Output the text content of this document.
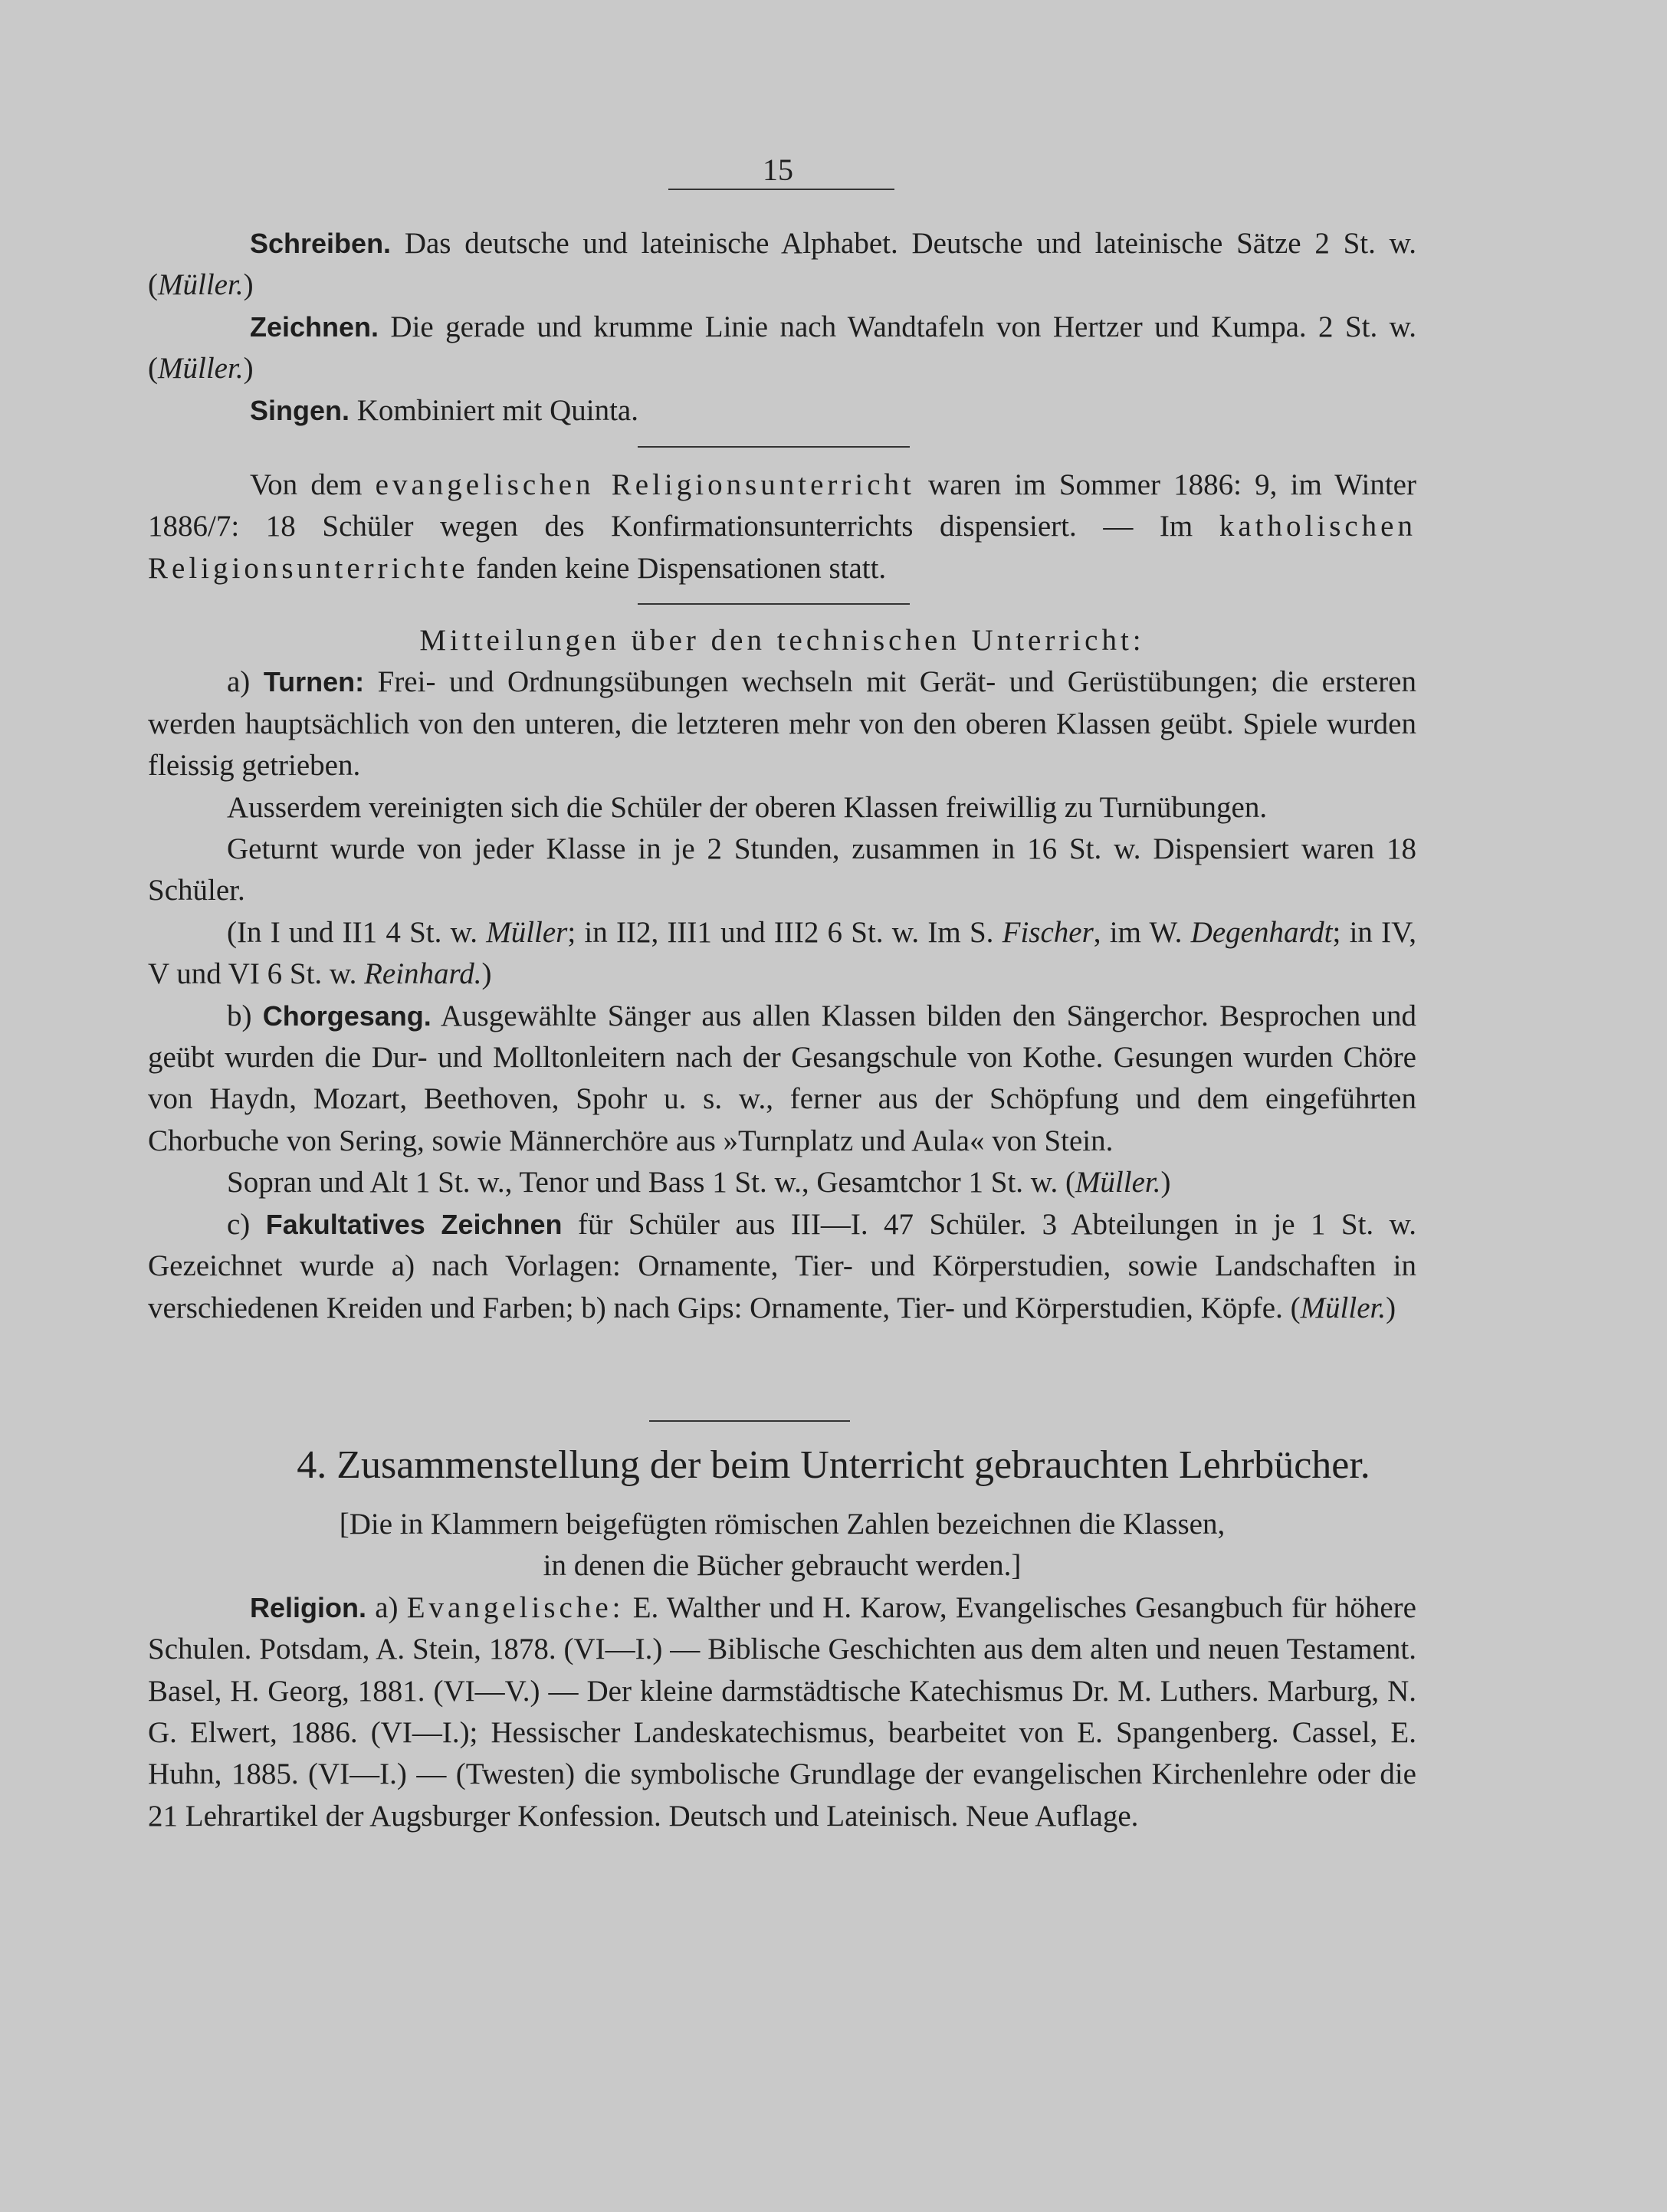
15

Schreiben. Das deutsche und lateinische Alphabet. Deutsche und lateinische Sätze 2 St. w. (Müller.)

Zeichnen. Die gerade und krumme Linie nach Wandtafeln von Hertzer und Kumpa. 2 St. w. (Müller.)

Singen. Kombiniert mit Quinta.

Von dem evangelischen Religionsunterricht waren im Sommer 1886: 9, im Winter 1886/7: 18 Schüler wegen des Konfirmationsunterrichts dispensiert. — Im katholischen Religionsunterrichte fanden keine Dispensationen statt.

Mitteilungen über den technischen Unterricht:

a) Turnen: Frei- und Ordnungsübungen wechseln mit Gerät- und Gerüstübungen; die ersteren werden hauptsächlich von den unteren, die letzteren mehr von den oberen Klassen geübt. Spiele wurden fleissig getrieben.

Ausserdem vereinigten sich die Schüler der oberen Klassen freiwillig zu Turnübungen.

Geturnt wurde von jeder Klasse in je 2 Stunden, zusammen in 16 St. w. Dispensiert waren 18 Schüler.

(In I und II1 4 St. w. Müller; in II2, III1 und III2 6 St. w. Im S. Fischer, im W. Degenhardt; in IV, V und VI 6 St. w. Reinhard.)

b) Chorgesang. Ausgewählte Sänger aus allen Klassen bilden den Sängerchor. Besprochen und geübt wurden die Dur- und Molltonleitern nach der Gesangschule von Kothe. Gesungen wurden Chöre von Haydn, Mozart, Beethoven, Spohr u. s. w., ferner aus der Schöpfung und dem eingeführten Chorbuche von Sering, sowie Männerchöre aus »Turnplatz und Aula« von Stein.

Sopran und Alt 1 St. w., Tenor und Bass 1 St. w., Gesamtchor 1 St. w. (Müller.)

c) Fakultatives Zeichnen für Schüler aus III—I. 47 Schüler. 3 Abteilungen in je 1 St. w. Gezeichnet wurde a) nach Vorlagen: Ornamente, Tier- und Körperstudien, sowie Landschaften in verschiedenen Kreiden und Farben; b) nach Gips: Ornamente, Tier- und Körperstudien, Köpfe. (Müller.)

4. Zusammenstellung der beim Unterricht gebrauchten Lehrbücher.

[Die in Klammern beigefügten römischen Zahlen bezeichnen die Klassen,

in denen die Bücher gebraucht werden.]

Religion. a) Evangelische: E. Walther und H. Karow, Evangelisches Gesangbuch für höhere Schulen. Potsdam, A. Stein, 1878. (VI—I.) — Biblische Geschichten aus dem alten und neuen Testament. Basel, H. Georg, 1881. (VI—V.) — Der kleine darmstädtische Katechismus Dr. M. Luthers. Marburg, N. G. Elwert, 1886. (VI—I.); Hessischer Landeskatechismus, bearbeitet von E. Spangenberg. Cassel, E. Huhn, 1885. (VI—I.) — (Twesten) die symbolische Grundlage der evangelischen Kirchenlehre oder die 21 Lehrartikel der Augsburger Konfession. Deutsch und Lateinisch. Neue Auflage.
